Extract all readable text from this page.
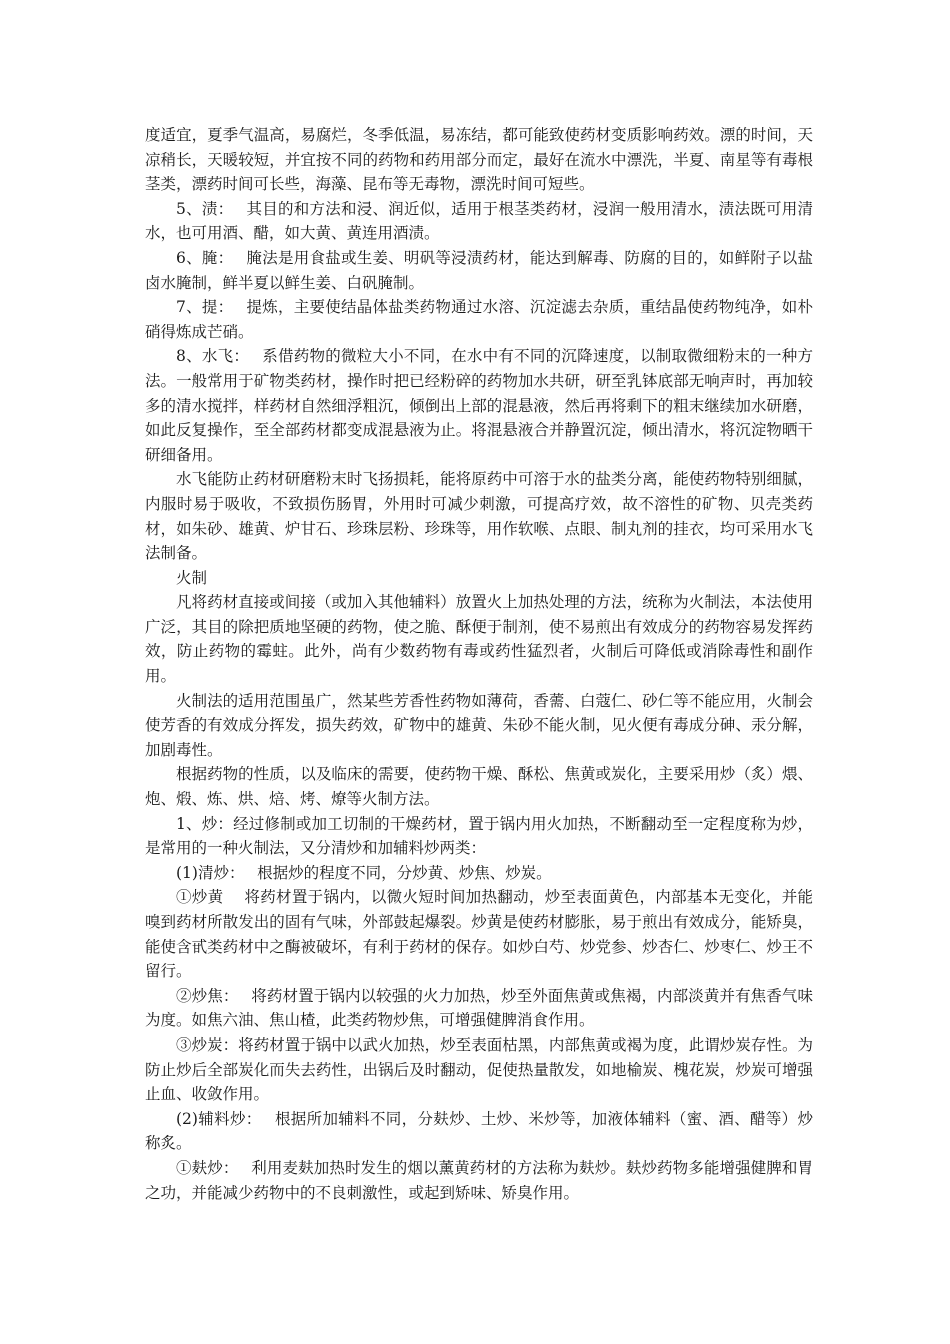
度适宜，夏季气温高，易腐烂，冬季低温，易冻结，都可能致使药材变质影响药效。漂的时间，天凉稍长，天暖较短，并宜按不同的药物和药用部分而定，最好在流水中漂洗，半夏、南星等有毒根茎类，漂药时间可长些，海藻、昆布等无毒物，漂洗时间可短些。

5、渍：　 其目的和方法和浸、润近似，适用于根茎类药材，浸润一般用清水，渍法既可用清水，也可用酒、醋，如大黄、黄连用酒渍。

6、腌：　 腌法是用食盐或生姜、明矾等浸渍药材，能达到解毒、防腐的目的，如鲜附子以盐卤水腌制，鲜半夏以鲜生姜、白矾腌制。

7、提：　 提炼，主要使结晶体盐类药物通过水溶、沉淀滤去杂质，重结晶使药物纯净，如朴硝得炼成芒硝。

8、水飞：　 系借药物的微粒大小不同，在水中有不同的沉降速度，以制取微细粉末的一种方法。一般常用于矿物类药材，操作时把已经粉碎的药物加水共研，研至乳钵底部无响声时，再加较多的清水搅拌，样药材自然细浮粗沉，倾倒出上部的混悬液，然后再将剩下的粗末继续加水研磨，如此反复操作，至全部药材都变成混悬液为止。将混悬液合并静置沉淀，倾出清水，将沉淀物晒干研细备用。

水飞能防止药材研磨粉末时飞扬损耗，能将原药中可溶于水的盐类分离，能使药物特别细腻，内服时易于吸收，不致损伤肠胃，外用时可减少刺激，可提高疗效，故不溶性的矿物、贝壳类药材，如朱砂、雄黄、炉甘石、珍珠层粉、珍珠等，用作软喉、点眼、制丸剂的挂衣，均可采用水飞法制备。

火制

凡将药材直接或间接（或加入其他辅料）放置火上加热处理的方法，统称为火制法，本法使用广泛，其目的除把质地坚硬的药物，使之脆、酥便于制剂，使不易煎出有效成分的药物容易发挥药效，防止药物的霉蛀。此外，尚有少数药物有毒或药性猛烈者，火制后可降低或消除毒性和副作用。

火制法的适用范围虽广，然某些芳香性药物如薄荷，香薷、白蔻仁、砂仁等不能应用，火制会使芳香的有效成分挥发，损失药效，矿物中的雄黄、朱砂不能火制，见火便有毒成分砷、汞分解，加剧毒性。

根据药物的性质，以及临床的需要，使药物干燥、酥松、焦黄或炭化，主要采用炒（炙）煨、炮、煅、炼、烘、焙、烤、燎等火制方法。

1、炒：经过修制或加工切制的干燥药材，置于锅内用火加热，不断翻动至一定程度称为炒，是常用的一种火制法，又分清炒和加辅料炒两类：

(1)清炒：　 根据炒的程度不同，分炒黄、炒焦、炒炭。

①炒黄　 将药材置于锅内，以微火短时间加热翻动，炒至表面黄色，内部基本无变化，并能嗅到药材所散发出的固有气味，外部鼓起爆裂。炒黄是使药材膨胀，易于煎出有效成分，能矫臭，能使含甙类药材中之酶被破坏，有利于药材的保存。如炒白芍、炒党参、炒杏仁、炒枣仁、炒王不留行。

②炒焦：　 将药材置于锅内以较强的火力加热，炒至外面焦黄或焦褐，内部淡黄并有焦香气味为度。如焦六油、焦山楂，此类药物炒焦，可增强健脾消食作用。

③炒炭：将药材置于锅中以武火加热，炒至表面枯黑，内部焦黄或褐为度，此谓炒炭存性。为防止炒后全部炭化而失去药性，出锅后及时翻动，促使热量散发，如地榆炭、槐花炭，炒炭可增强止血、收敛作用。

(2)辅料炒：　 根据所加辅料不同，分麸炒、土炒、米炒等，加液体辅料（蜜、酒、醋等）炒称炙。

①麸炒：　 利用麦麸加热时发生的烟以薰黄药材的方法称为麸炒。麸炒药物多能增强健脾和胃之功，并能减少药物中的不良刺激性，或起到矫味、矫臭作用。
